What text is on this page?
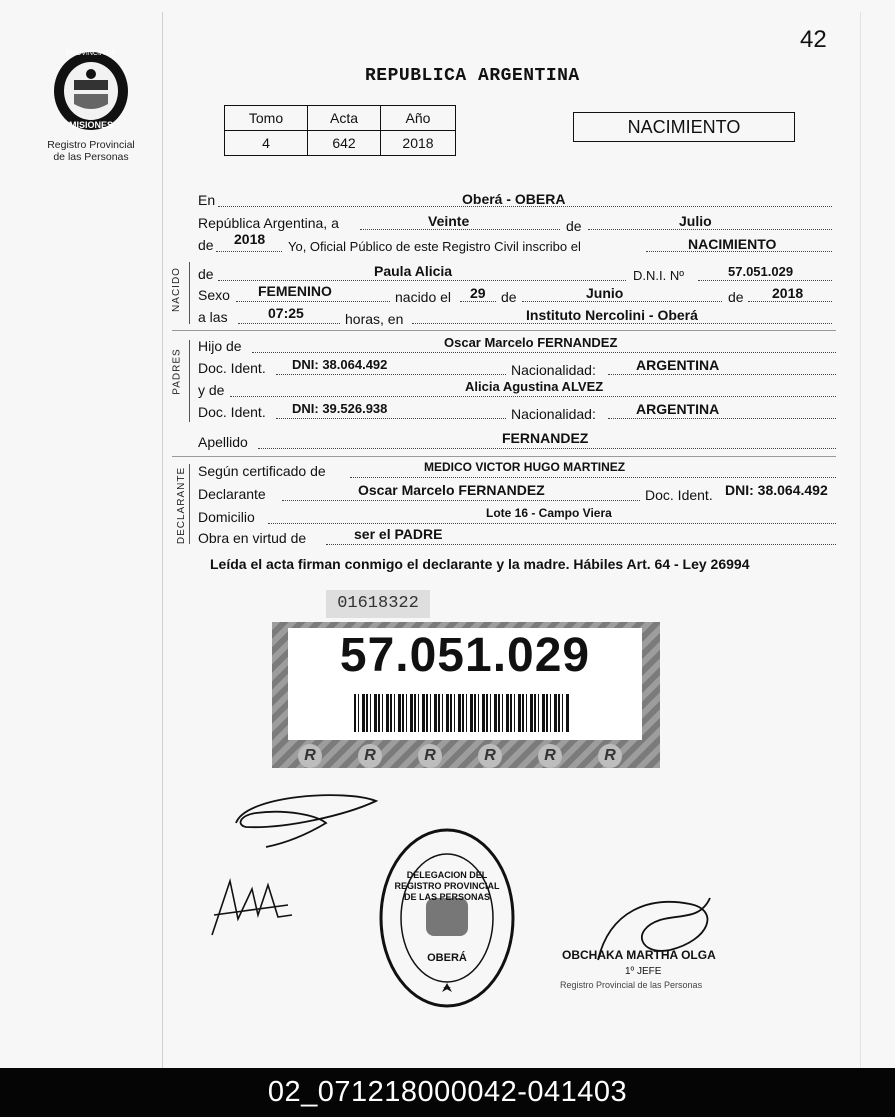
42
PROVINCIA DE
MISIONES
Registro Provincial
de las Personas
REPUBLICA ARGENTINA
Tomo	Acta	Año
4	642	2018
NACIMIENTO
En	Oberá - OBERA
República Argentina, a	Veinte	de	Julio
de 2018 Yo, Oficial Público de este Registro Civil inscribo el	NACIMIENTO
NACIDO de	Paula Alicia	D.N.I. Nº	57.051.029
Sexo FEMENINO	nacido el 29 de	Junio	de 2018
a las	07:25	horas, en	Instituto Nercolini - Oberá
PADRES
Hijo de	Oscar Marcelo FERNANDEZ
Doc. Ident. DNI: 38.064.492	Nacionalidad:	ARGENTINA
y de	Alicia Agustina ALVEZ
Doc. Ident. DNI: 39.526.938	Nacionalidad:	ARGENTINA
Apellido	FERNANDEZ
DECLARANTE Según certificado de	MEDICO VICTOR HUGO MARTINEZ
Declarante	Oscar Marcelo FERNANDEZ	Doc. Ident. DNI: 38.064.492
Domicilio	Lote 16 - Campo Viera
Obra en virtud de	ser el PADRE
Leída el acta firman conmigo el declarante y la madre. Hábiles Art. 64 - Ley 26994
01618322
57.051.029
R	R	R	R	R	R
DELEGACION DEL REGISTRO PROVINCIAL DE LAS PERSONAS
OBERÁ	OBCHAKA MARTHA OLGA
1º JEFE
Registro Provincial de las Personas
02_071218000042-041403
